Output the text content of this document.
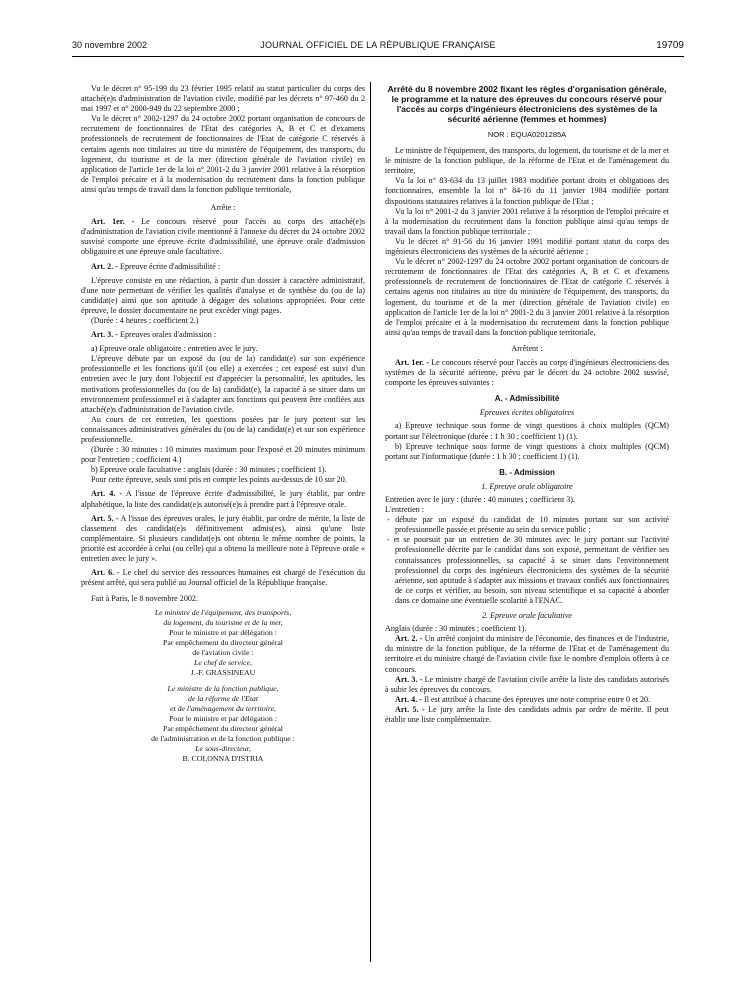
30 novembre 2002	JOURNAL OFFICIEL DE LA RÉPUBLIQUE FRANÇAISE	19709

Vu le décret n° 95-199 du 23 février 1995 relatif au statut particulier du corps des attaché(e)s d'administration de l'aviation civile, modifié par les décrets n° 97-460 du 2 mai 1997 et n° 2000-949 du 22 septembre 2000 ;

Vu le décret n° 2002-1297 du 24 octobre 2002 portant organisation de concours de recrutement de fonctionnaires de l'Etat des catégories A, B et C et d'examens professionnels de recrutement de fonctionnaires de l'Etat de catégorie C réservés à certains agents non titulaires au titre du ministère de l'équipement, des transports, du logement, du tourisme et de la mer (direction générale de l'aviation civile) en application de l'article 1er de la loi n° 2001-2 du 3 janvier 2001 relative à la résorption de l'emploi précaire et à la modernisation du recrutement dans la fonction publique ainsi qu'au temps de travail dans la fonction publique territoriale,

Arrête :

Art. 1er. - Le concours réservé pour l'accès au corps des attaché(e)s d'administration de l'aviation civile mentionné à l'annexe du décret du 24 octobre 2002 susvisé comporte une épreuve écrite d'admissibilité, une épreuve orale d'admission obligatoire et une épreuve orale facultative.

Art. 2. - Epreuve écrite d'admissibilité :

L'épreuve consiste en une rédaction, à partir d'un dossier à caractère administratif, d'une note permettant de vérifier les qualités d'analyse et de synthèse du (ou de la) candidat(e) ainsi que son aptitude à dégager des solutions appropriées. Pour cette épreuve, le dossier documentaire ne peut excéder vingt pages.

(Durée : 4 heures ; coefficient 2.)

Art. 3. - Epreuves orales d'admission :

a) Epreuve orale obligatoire : entretien avec le jury.

L'épreuve débute par un exposé du (ou de la) candidat(e) sur son expérience professionnelle et les fonctions qu'il (ou elle) a exercées ; cet exposé est suivi d'un entretien avec le jury dont l'objectif est d'apprécier la personnalité, les aptitudes, les motivations professionnelles du (ou de la) candidat(e), la capacité à se situer dans un environnement professionnel et à s'adapter aux fonctions qui peuvent être confiées aux attaché(e)s d'administration de l'aviation civile.

Au cours de cet entretien, les questions posées par le jury portent sur les connaissances administratives générales du (ou de la) candidat(e) et sur son expérience professionnelle.

(Durée : 30 minutes : 10 minutes maximum pour l'exposé et 20 minutes minimum pour l'entretien ; coefficient 4.)

b) Epreuve orale facultative : anglais (durée : 30 minutes ; coefficient 1).

Pour cette épreuve, seuls sont pris en compte les points au-dessus de 10 sur 20.

Art. 4. - A l'issue de l'épreuve écrite d'admissibilité, le jury établit, par ordre alphabétique, la liste des candidat(e)s autorisé(e)s à prendre part à l'épreuve orale.

Art. 5. - A l'issue des épreuves orales, le jury établit, par ordre de mérite, la liste de classement des candidat(e)s définitivement admis(es), ainsi qu'une liste complémentaire. Si plusieurs candidat(e)s ont obtenu le même nombre de points, la priorité est accordée à celui (ou celle) qui a obtenu la meilleure note à l'épreuve orale « entretien avec le jury ».

Art. 6. - Le chef du service des ressources humaines est chargé de l'exécution du présent arrêté, qui sera publié au Journal officiel de la République française.

Fait à Paris, le 8 novembre 2002.

Le ministre de l'équipement, des transports,
du logement, du tourisme et de la mer,
Pour le ministre et par délégation :
Par empêchement du directeur général
de l'aviation civile :
Le chef de service,
J.-F. GRASSINEAU
Le ministre de la fonction publique,
de la réforme de l'Etat
et de l'aménagement du territoire,
Pour le ministre et par délégation :
Par empêchement du directeur général
de l'administration et de la fonction publique :
Le sous-directeur,
B. COLONNA D'ISTRIA
Arrêté du 8 novembre 2002 fixant les règles d'organisation générale, le programme et la nature des épreuves du concours réservé pour l'accès au corps d'ingénieurs électroniciens des systèmes de la sécurité aérienne (femmes et hommes)
NOR : EQUA0201285A

Le ministre de l'équipement, des transports, du logement, du tourisme et de la mer et le ministre de la fonction publique, de la réforme de l'Etat et de l'aménagement du territoire,

Vu la loi n° 83-634 du 13 juillet 1983 modifiée portant droits et obligations des fonctionnaires, ensemble la loi n° 84-16 du 11 janvier 1984 modifiée portant dispositions statutaires relatives à la fonction publique de l'Etat ;

Vu la loi n° 2001-2 du 3 janvier 2001 relative à la résorption de l'emploi précaire et à la modernisation du recrutement dans la fonction publique ainsi qu'au temps de travail dans la fonction publique territoriale ;

Vu le décret n° 91-56 du 16 janvier 1991 modifié portant statut du corps des ingénieurs électroniciens des systèmes de la sécurité aérienne ;

Vu le décret n° 2002-1297 du 24 octobre 2002 portant organisation de concours de recrutement de fonctionnaires de l'Etat des catégories A, B et C et d'examens professionnels de recrutement de fonctionnaires de l'Etat de catégorie C réservés à certains agents non titulaires au titre du ministère de l'équipement, des transports, du logement, du tourisme et de la mer (direction générale de l'aviation civile) en application de l'article 1er de la loi n° 2001-2 du 3 janvier 2001 relative à la résorption de l'emploi précaire et à la modernisation du recrutement dans la fonction publique ainsi qu'au temps de travail dans la fonction publique territoriale,

Arrêtent :

Art. 1er. - Le concours réservé pour l'accès au corps d'ingénieurs électroniciens des systèmes de la sécurité aérienne, prévu par le décret du 24 octobre 2002 susvisé, comporte les épreuves suivantes :

A. - Admissibilité
Epreuves écrites obligatoires

a) Epreuve technique sous forme de vingt questions à choix multiples (QCM) portant sur l'électronique (durée : 1 h 30 ; coefficient 1) (1).

b) Epreuve technique sous forme de vingt questions à choix multiples (QCM) portant sur l'informatique (durée : 1 h 30 ; coefficient 1) (1).

B. - Admission
1. Epreuve orale obligatoire

Entretien avec le jury : (durée : 40 minutes ; coefficient 3).

L'entretien :

- débute par un exposé du candidat de 10 minutes portant sur son activité professionnelle passée et présente au sein du service public ;

- et se poursuit par un entretien de 30 minutes avec le jury portant sur l'activité professionnelle décrite par le candidat dans son exposé, permettant de vérifier ses connaissances professionnelles, sa capacité à se situer dans l'environnement professionnel du corps des ingénieurs électroniciens des systèmes de la sécurité aérienne, son aptitude à s'adapter aux missions et travaux confiés aux fonctionnaires de ce corps et vérifier, au besoin, son niveau scientifique et sa capacité à aborder dans ce domaine une éventuelle scolarité à l'ENAC.

2. Epreuve orale facultative

Anglais (durée : 30 minutes ; coefficient 1).

Art. 2. - Un arrêté conjoint du ministre de l'économie, des finances et de l'industrie, du ministre de la fonction publique, de la réforme de l'Etat et de l'aménagement du territoire et du ministre chargé de l'aviation civile fixe le nombre d'emplois offerts à ce concours.

Art. 3. - Le ministre chargé de l'aviation civile arrête la liste des candidats autorisés à subir les épreuves du concours.

Art. 4. - Il est attribué à chacune des épreuves une note comprise entre 0 et 20.

Art. 5. - Le jury arrête la liste des candidats admis par ordre de mérite. Il peut établir une liste complémentaire.
